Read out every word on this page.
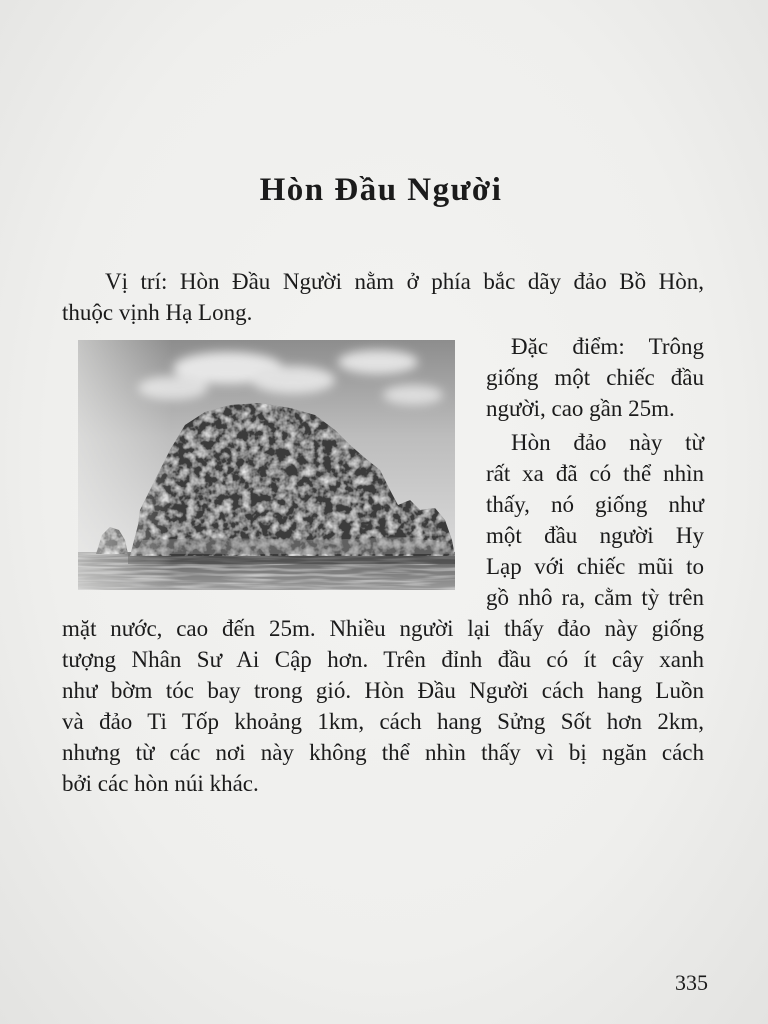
Hòn Đầu Người
Vị trí: Hòn Đầu Người nằm ở phía bắc dãy đảo Bồ Hòn,
thuộc vịnh Hạ Long.
Đặc điểm: Trông
giống một chiếc đầu
người, cao gần 25m.
Hòn đảo này từ
rất xa đã có thể nhìn
thấy, nó giống như
một đầu người Hy
Lạp với chiếc mũi to
gồ nhô ra, cằm tỳ trên
mặt nước, cao đến 25m. Nhiều người lại thấy đảo này giống
tượng Nhân Sư Ai Cập hơn. Trên đỉnh đầu có ít cây xanh
như bờm tóc bay trong gió. Hòn Đầu Người cách hang Luồn
và đảo Ti Tốp khoảng 1km, cách hang Sửng Sốt hơn 2km,
nhưng từ các nơi này không thể nhìn thấy vì bị ngăn cách
bởi các hòn núi khác.
335
